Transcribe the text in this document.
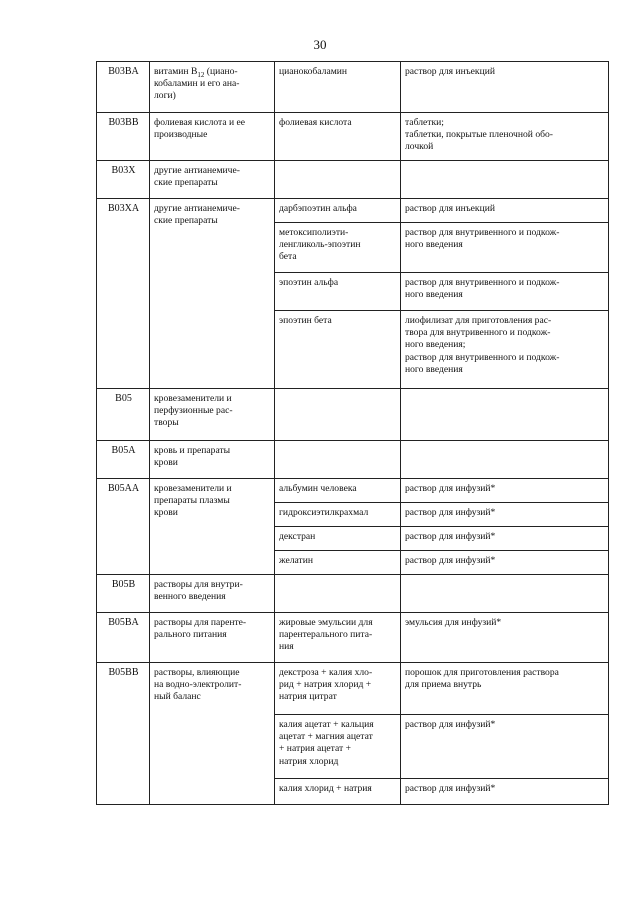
30
B03BA	витамин $B_{12}$ (циано-
кобаламин и его ана-
логи)	цианокобаламин	раствор для инъекций
B03BB	фолиевая кислота и ее
производные	фолиевая кислота	таблетки;
таблетки, покрытые пленочной обо-
лочкой
B03X	другие антианемиче-
ские препараты		
B03XA	другие антианемиче-
ские препараты	дарбэпоэтин альфа	раствор для инъекций
		метоксиполиэти-
ленгликоль-эпоэтин
бета	раствор для внутривенного и подкож-
ного введения
		эпоэтин альфа	раствор для внутривенного и подкож-
ного введения
		эпоэтин бета	лиофилизат для приготовления рас-
твора для внутривенного и подкож-
ного введения;
раствор для внутривенного и подкож-
ного введения
B05	кровезаменители и
перфузионные рас-
творы		
B05A	кровь и препараты
крови		
B05AA	кровезаменители и
препараты плазмы
крови	альбумин человека	раствор для инфузий*
		гидроксиэтилкрахмал	раствор для инфузий*
		декстран	раствор для инфузий*
		желатин	раствор для инфузий*
B05B	растворы для внутри-
венного введения		
B05BA	растворы для паренте-
рального питания	жировые эмульсии для
парентерального пита-
ния	эмульсия для инфузий*
B05BB	растворы, влияющие
на водно-электролит-
ный баланс	декстроза + калия хло-
рид + натрия хлорид +
натрия цитрат	порошок для приготовления раствора
для приема внутрь
		калия ацетат + кальция
ацетат + магния ацетат
+ натрия ацетат +
натрия хлорид	раствор для инфузий*
		калия хлорид + натрия	раствор для инфузий*
